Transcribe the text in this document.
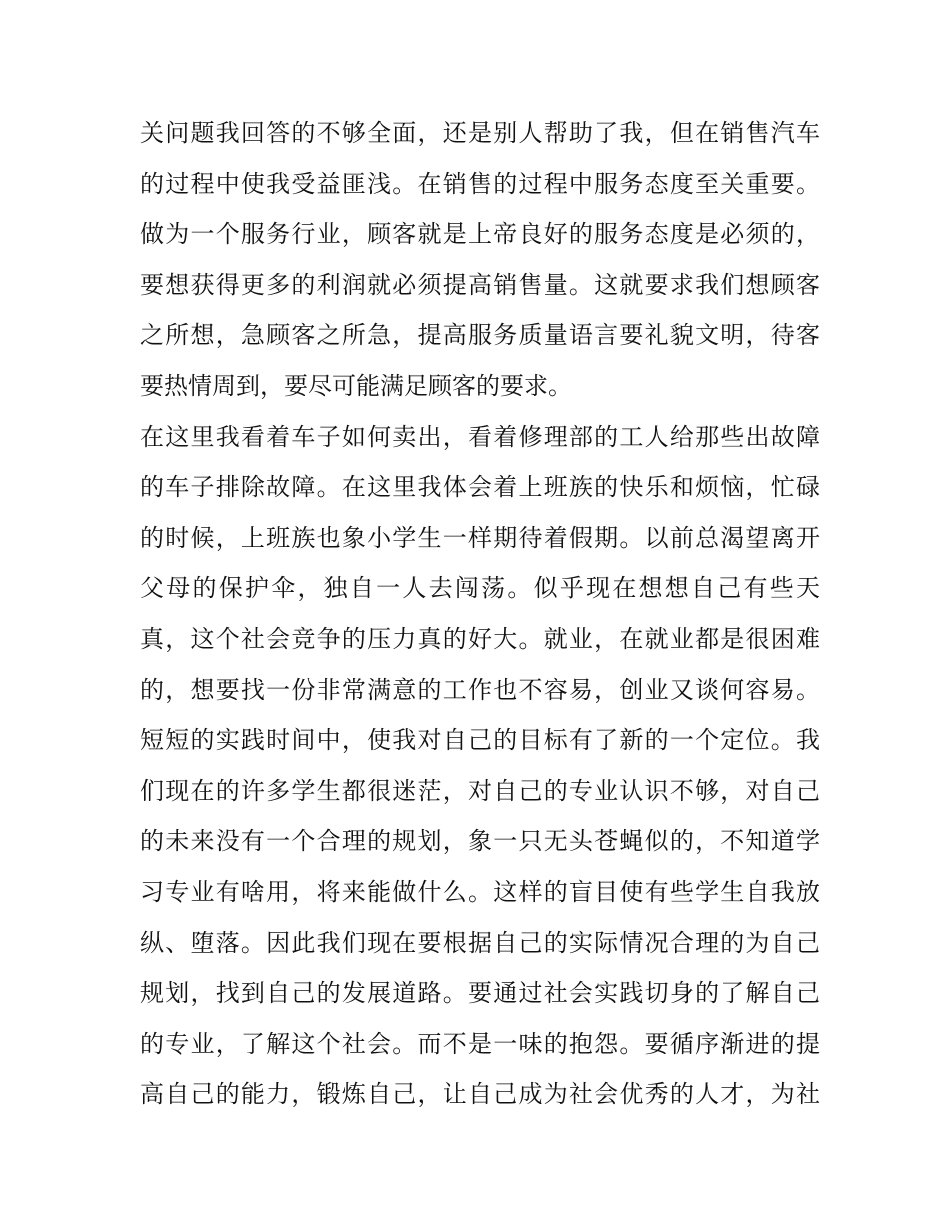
关问题我回答的不够全面，还是别人帮助了我，但在销售汽车
的过程中使我受益匪浅。在销售的过程中服务态度至关重要。
做为一个服务行业，顾客就是上帝良好的服务态度是必须的，
要想获得更多的利润就必须提高销售量。这就要求我们想顾客
之所想，急顾客之所急，提高服务质量语言要礼貌文明，待客
要热情周到，要尽可能满足顾客的要求。
在这里我看着车子如何卖出，看着修理部的工人给那些出故障
的车子排除故障。在这里我体会着上班族的快乐和烦恼，忙碌
的时候，上班族也象小学生一样期待着假期。以前总渴望离开
父母的保护伞，独自一人去闯荡。似乎现在想想自己有些天
真，这个社会竞争的压力真的好大。就业，在就业都是很困难
的，想要找一份非常满意的工作也不容易，创业又谈何容易。
短短的实践时间中，使我对自己的目标有了新的一个定位。我
们现在的许多学生都很迷茫，对自己的专业认识不够，对自己
的未来没有一个合理的规划，象一只无头苍蝇似的，不知道学
习专业有啥用，将来能做什么。这样的盲目使有些学生自我放
纵、堕落。因此我们现在要根据自己的实际情况合理的为自己
规划，找到自己的发展道路。要通过社会实践切身的了解自己
的专业，了解这个社会。而不是一味的抱怨。要循序渐进的提
高自己的能力，锻炼自己，让自己成为社会优秀的人才，为社
